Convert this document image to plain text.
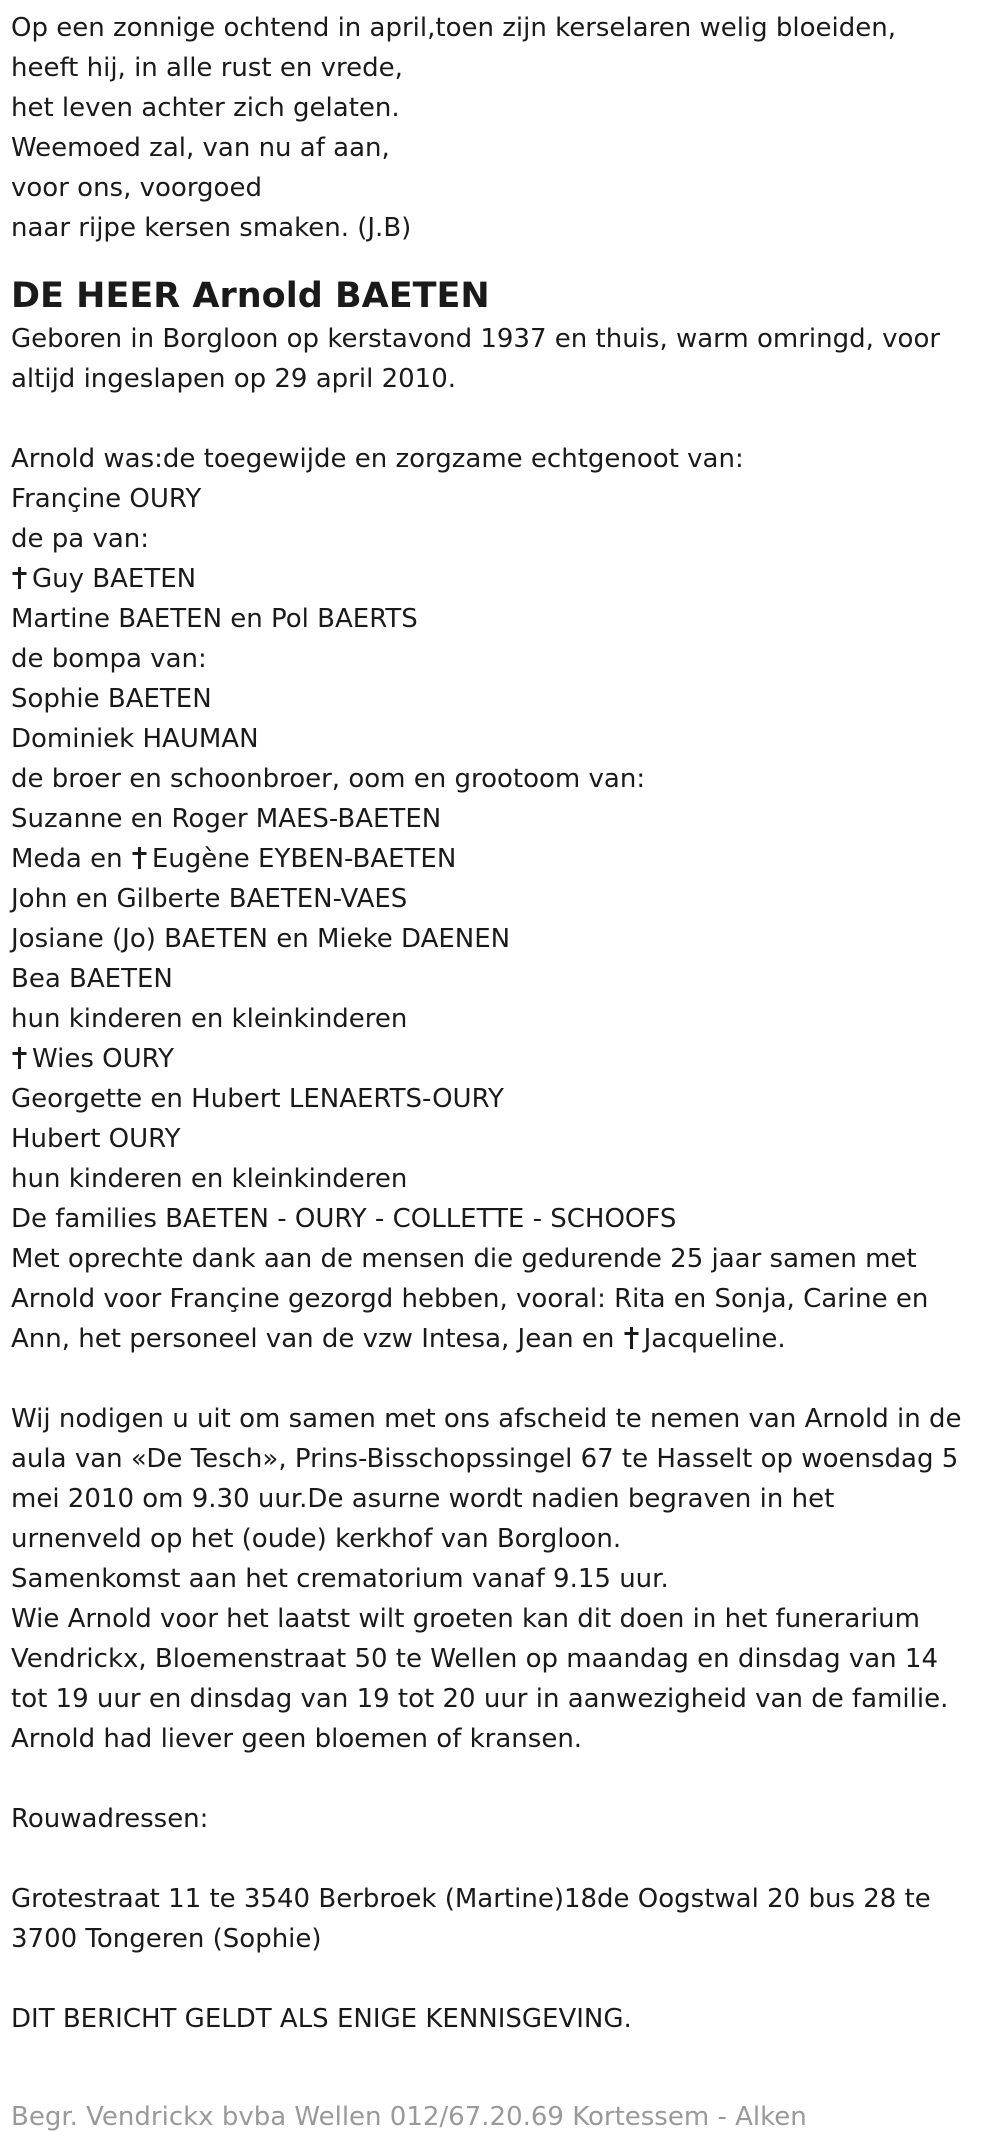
Op een zonnige ochtend in april,toen zijn kerselaren welig bloeiden,
heeft hij, in alle rust en vrede,
het leven achter zich gelaten.
Weemoed zal, van nu af aan,
voor ons, voorgoed
naar rijpe kersen smaken. (J.B)
DE HEER Arnold BAETEN
Geboren in Borgloon op kerstavond 1937 en thuis, warm omringd, voor
altijd ingeslapen op 29 april 2010.
Arnold was:de toegewijde en zorgzame echtgenoot van:
Françine OURY
de pa van:
Guy BAETEN
Martine BAETEN en Pol BAERTS
de bompa van:
Sophie BAETEN
Dominiek HAUMAN
de broer en schoonbroer, oom en grootoom van:
Suzanne en Roger MAES-BAETEN
Meda en Eugène EYBEN-BAETEN
John en Gilberte BAETEN-VAES
Josiane (Jo) BAETEN en Mieke DAENEN
Bea BAETEN
hun kinderen en kleinkinderen
Wies OURY
Georgette en Hubert LENAERTS-OURY
Hubert OURY
hun kinderen en kleinkinderen
De families BAETEN - OURY - COLLETTE - SCHOOFS
Met oprechte dank aan de mensen die gedurende 25 jaar samen met
Arnold voor Françine gezorgd hebben, vooral: Rita en Sonja, Carine en
Ann, het personeel van de vzw Intesa, Jean en Jacqueline.
Wij nodigen u uit om samen met ons afscheid te nemen van Arnold in de
aula van «De Tesch», Prins-Bisschopssingel 67 te Hasselt op woensdag 5
mei 2010 om 9.30 uur.De asurne wordt nadien begraven in het
urnenveld op het (oude) kerkhof van Borgloon.
Samenkomst aan het crematorium vanaf 9.15 uur.
Wie Arnold voor het laatst wilt groeten kan dit doen in het funerarium
Vendrickx, Bloemenstraat 50 te Wellen op maandag en dinsdag van 14
tot 19 uur en dinsdag van 19 tot 20 uur in aanwezigheid van de familie.
Arnold had liever geen bloemen of kransen.
Rouwadressen:
Grotestraat 11 te 3540 Berbroek (Martine)18de Oogstwal 20 bus 28 te
3700 Tongeren (Sophie)
DIT BERICHT GELDT ALS ENIGE KENNISGEVING.
Begr. Vendrickx bvba Wellen 012/67.20.69 Kortessem - Alken
